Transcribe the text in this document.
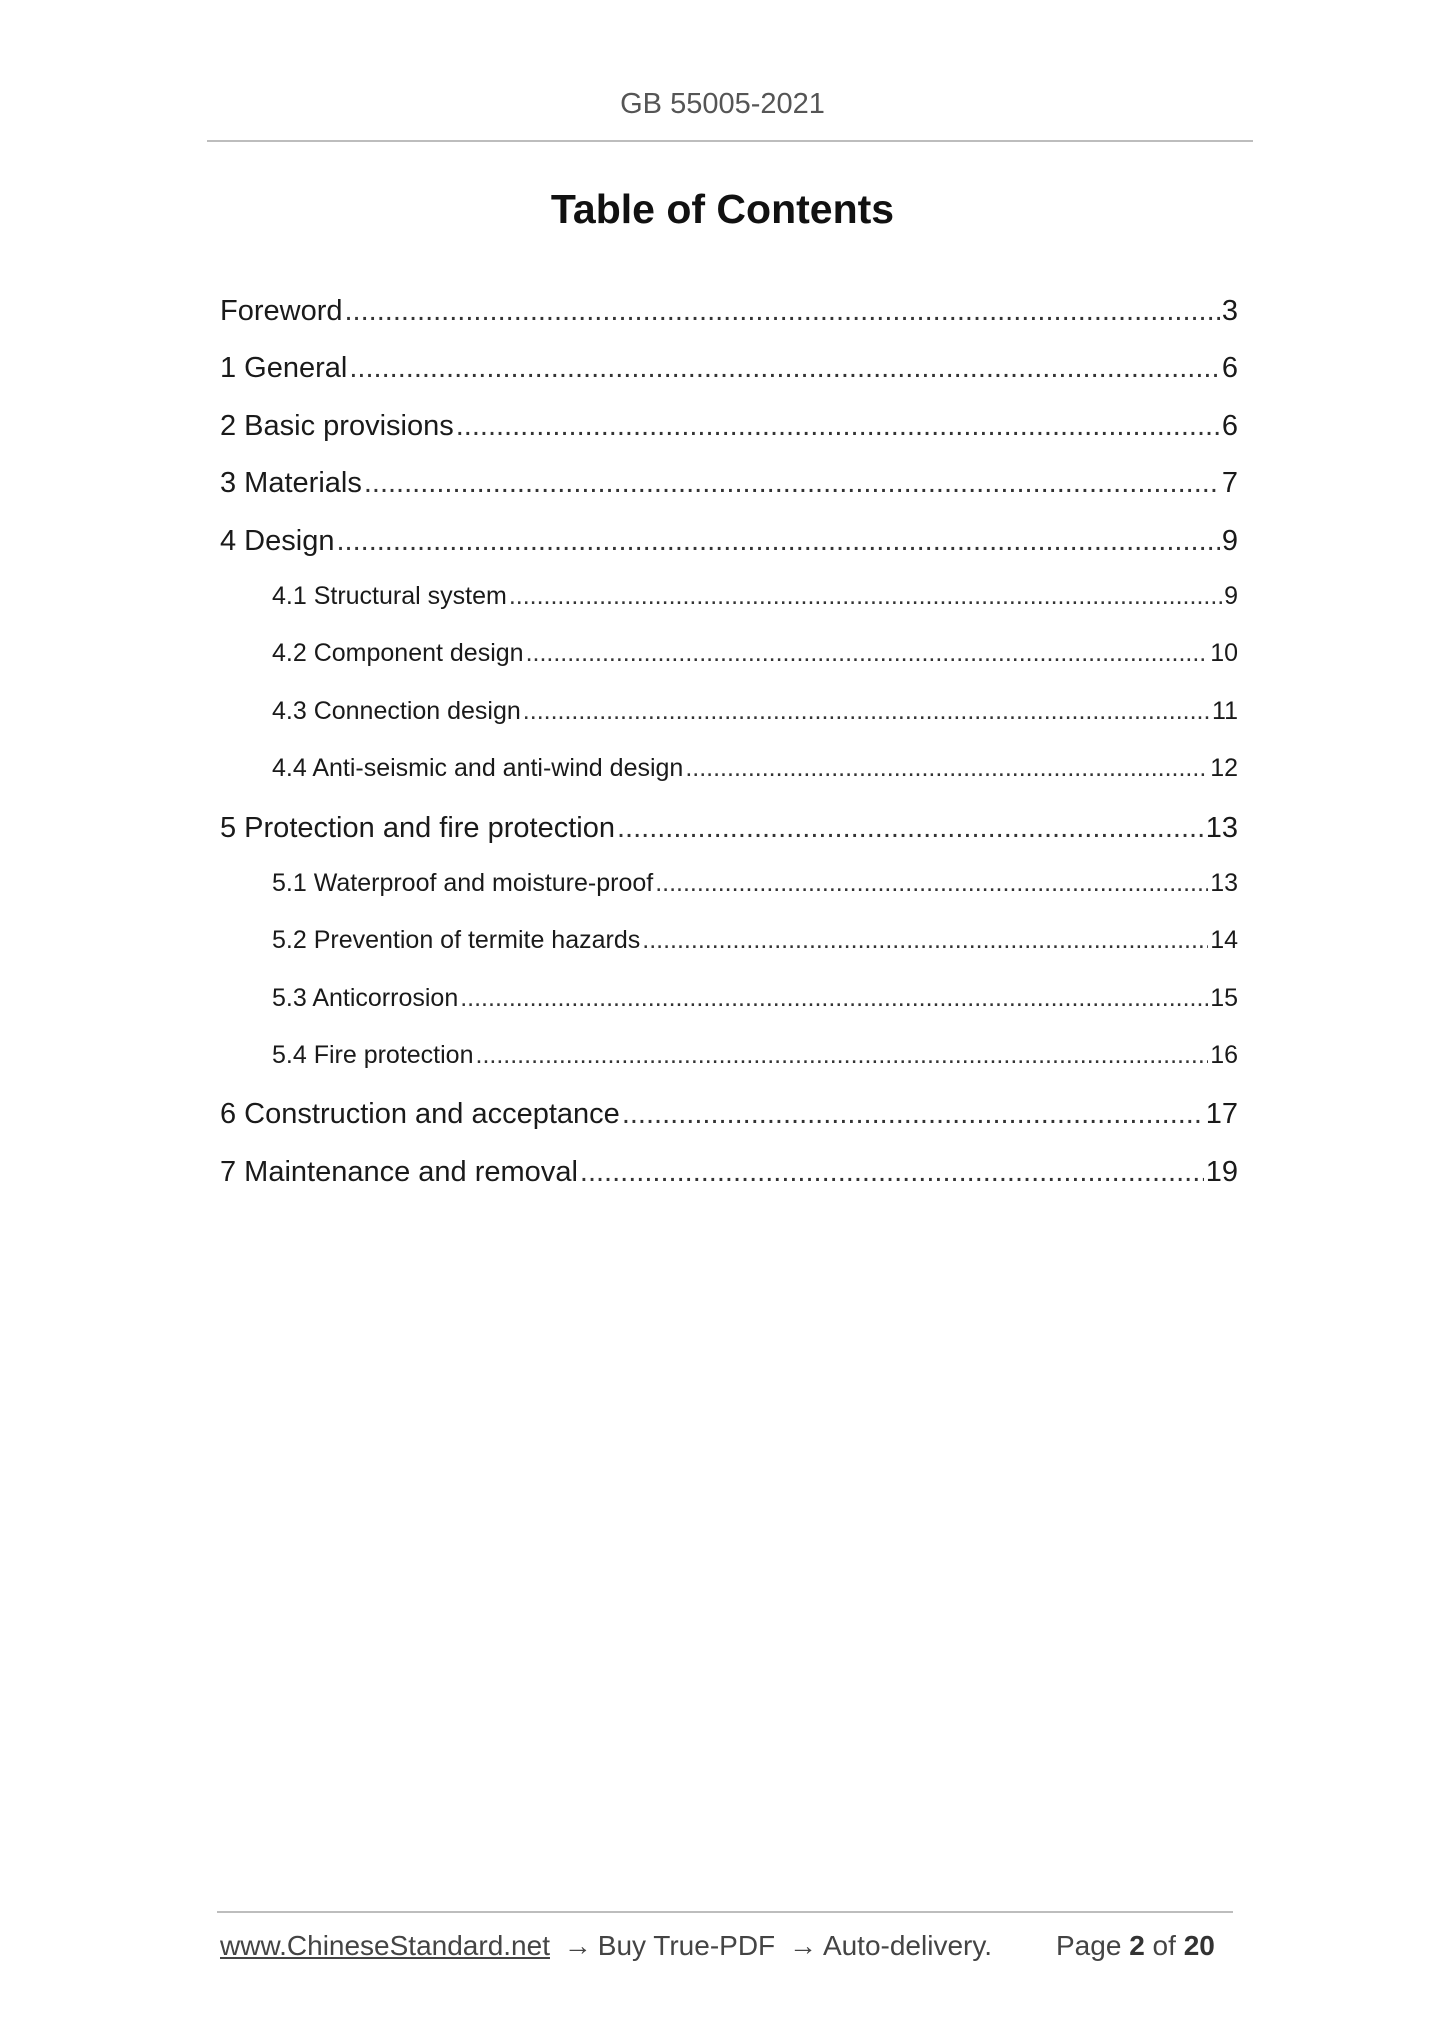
GB 55005-2021
Table of Contents
Foreword .....	3
1 General .....	6
2 Basic provisions .....	6
3 Materials .....	7
4 Design .....	9
4.1 Structural system .....	9
4.2 Component design .....	10
4.3 Connection design .....	11
4.4 Anti-seismic and anti-wind design .....	12
5 Protection and fire protection .....	13
5.1 Waterproof and moisture-proof .....	13
5.2 Prevention of termite hazards .....	14
5.3 Anticorrosion .....	15
5.4 Fire protection .....	16
6 Construction and acceptance .....	17
7 Maintenance and removal .....	19
www.ChineseStandard.net → Buy True-PDF → Auto-delivery. Page 2 of 20
